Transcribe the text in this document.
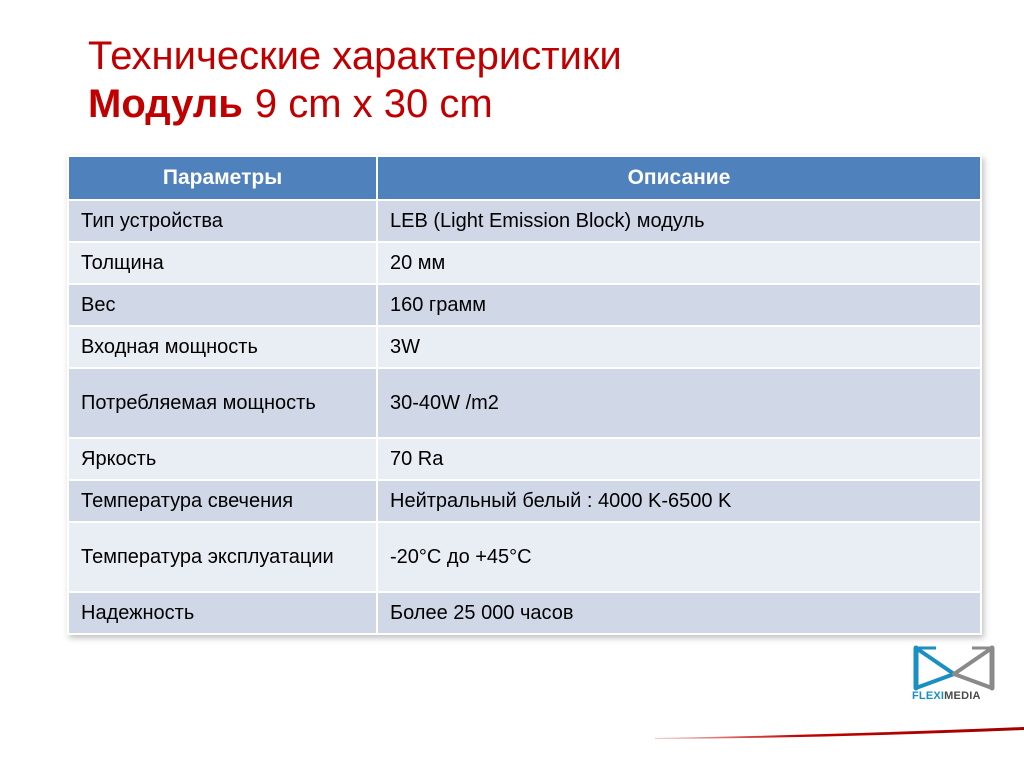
Технические характеристики
Модуль 9 cm x 30 cm
Параметры	Описание
Тип устройства	LEB (Light Emission Block) модуль
Толщина	20 мм
Вес	160 грамм
Входная мощность	3W
Потребляемая мощность	30-40W /m2
Яркость	70 Ra
Температура свечения	Нейтральный белый : 4000 K-6500 K
Температура эксплуатации	-20°C до +45°C
Надежность	Более 25 000 часов
FLEXIMEDIA
